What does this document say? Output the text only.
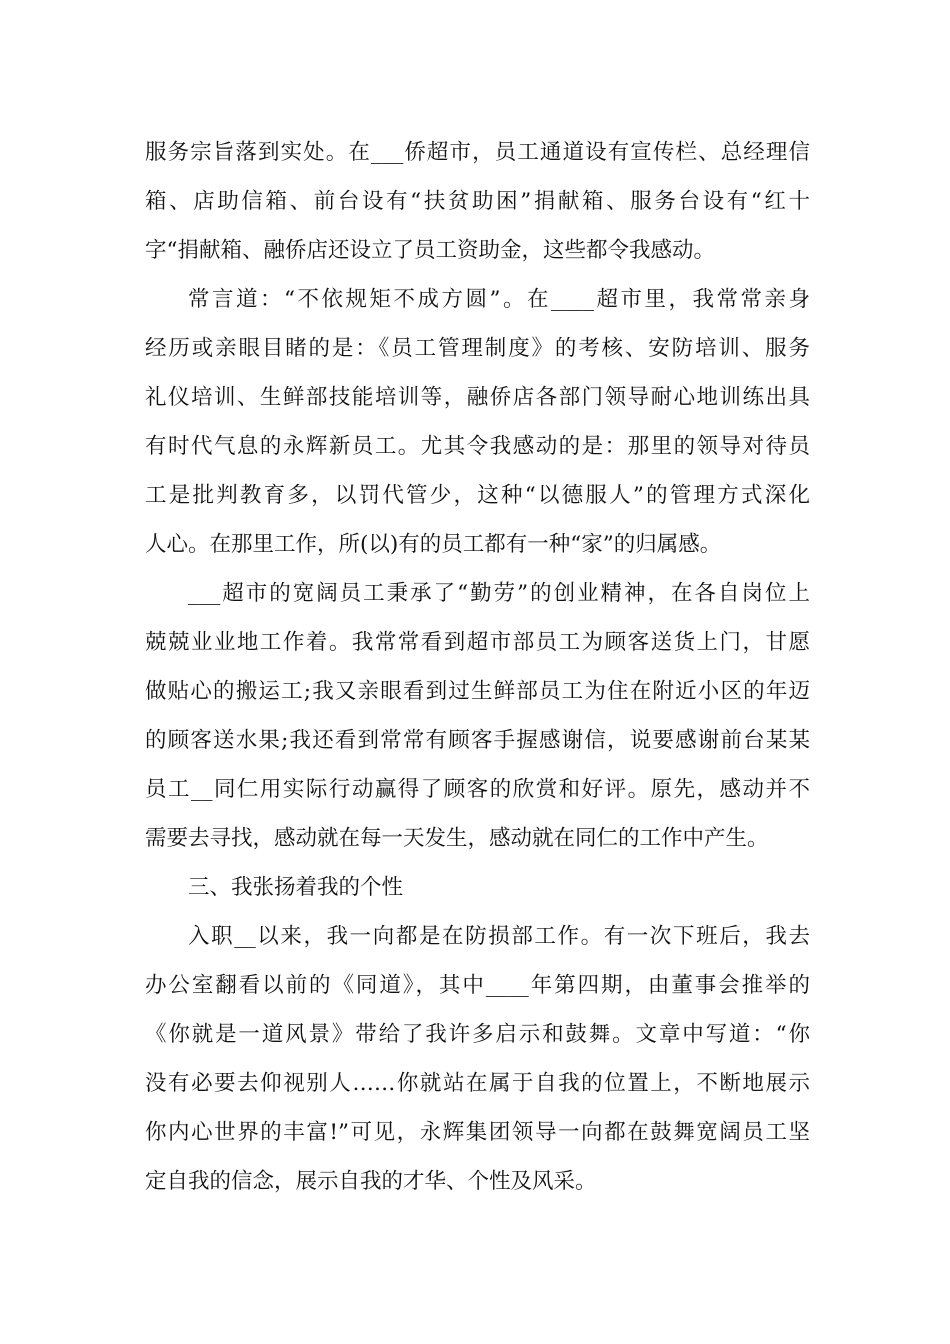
服务宗旨落到实处。在___侨超市，员工通道设有宣传栏、总经理信
箱、店助信箱、前台设有“扶贫助困”捐献箱、服务台设有“红十
字“捐献箱、融侨店还设立了员工资助金，这些都令我感动。
常言道：“不依规矩不成方圆”。在____超市里，我常常亲身
经历或亲眼目睹的是：《员工管理制度》的考核、安防培训、服务
礼仪培训、生鲜部技能培训等，融侨店各部门领导耐心地训练出具
有时代气息的永辉新员工。尤其令我感动的是：那里的领导对待员
工是批判教育多，以罚代管少，这种“以德服人”的管理方式深化
人心。在那里工作，所(以)有的员工都有一种“家”的归属感。
___超市的宽阔员工秉承了“勤劳”的创业精神，在各自岗位上
兢兢业业地工作着。我常常看到超市部员工为顾客送货上门，甘愿
做贴心的搬运工;我又亲眼看到过生鲜部员工为住在附近小区的年迈
的顾客送水果;我还看到常常有顾客手握感谢信，说要感谢前台某某
员工__同仁用实际行动赢得了顾客的欣赏和好评。原先，感动并不
需要去寻找，感动就在每一天发生，感动就在同仁的工作中产生。
三、我张扬着我的个性
入职__以来，我一向都是在防损部工作。有一次下班后，我去
办公室翻看以前的《同道》，其中____年第四期，由董事会推举的
《你就是一道风景》带给了我许多启示和鼓舞。文章中写道：“你
没有必要去仰视别人……你就站在属于自我的位置上，不断地展示
你内心世界的丰富!”可见，永辉集团领导一向都在鼓舞宽阔员工坚
定自我的信念，展示自我的才华、个性及风采。
